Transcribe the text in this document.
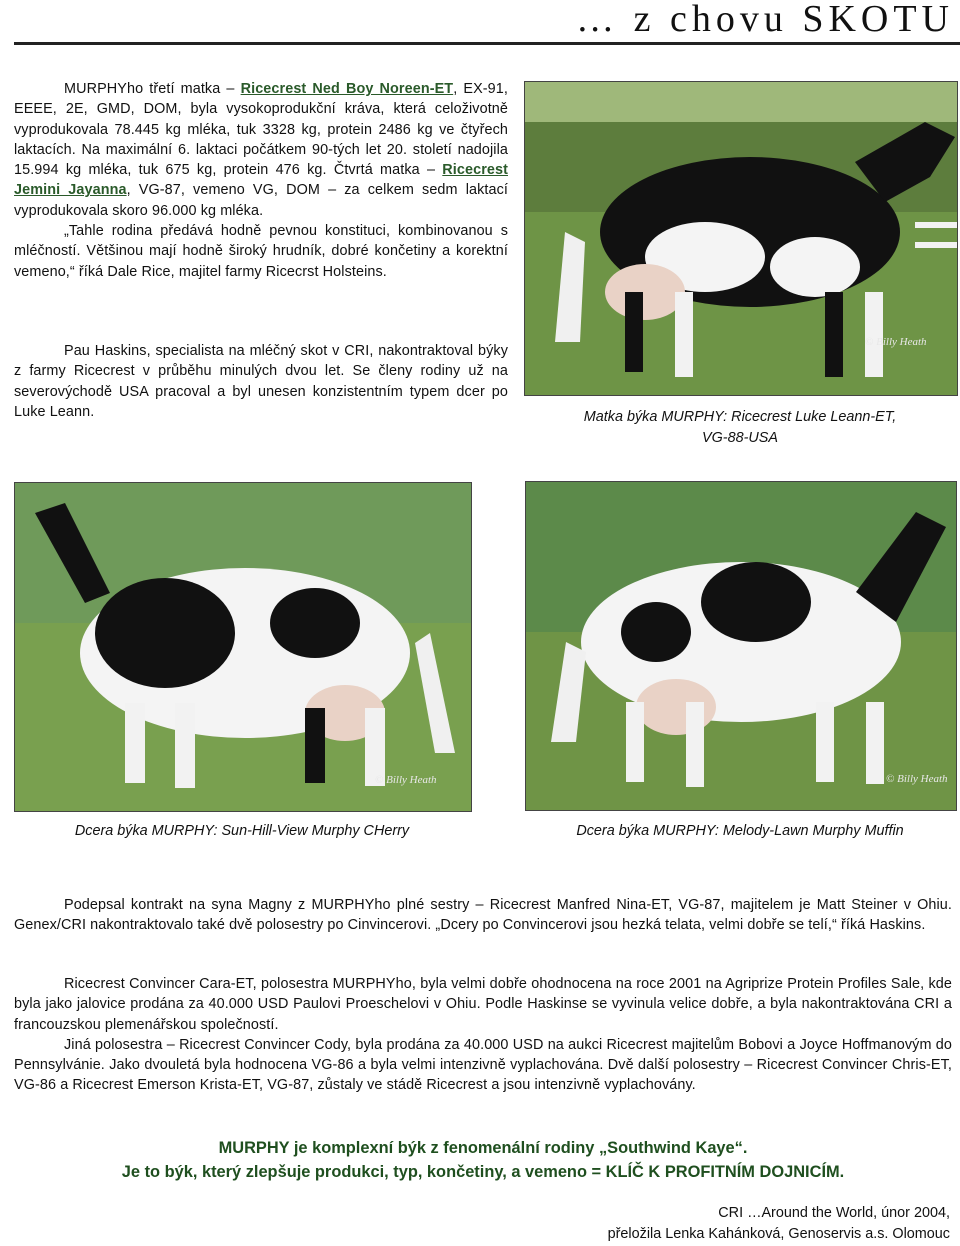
… z chovu SKOTU

MURPHYho třetí matka – Ricecrest Ned Boy Noreen-ET, EX-91, EEEE, 2E, GMD, DOM, byla vysokoprodukční kráva, která celoživotně vyprodukovala 78.445 kg mléka, tuk 3328 kg, protein 2486 kg ve čtyřech laktacích. Na maximální 6. laktaci počátkem 90-tých let 20. století nadojila 15.994 kg mléka, tuk 675 kg, protein 476 kg. Čtvrtá matka – Ricecrest Jemini Jayanna, VG-87, vemeno VG, DOM – za celkem sedm laktací vyprodukovala skoro 96.000 kg mléka.

„Tahle rodina předává hodně pevnou konstituci, kombinovanou s mléčností. Většinou mají hodně široký hrudník, dobré končetiny a korektní vemeno,“ říká Dale Rice, majitel farmy Ricecrst Holsteins.

Pau Haskins, specialista na mléčný skot v CRI, nakontraktoval býky z farmy Ricecrest v průběhu minulých dvou let. Se členy rodiny už na severovýchodě USA pracoval a byl unesen konzistentním typem dcer po Luke Leann.

© Billy Heath
Matka býka MURPHY: Ricecrest Luke Leann-ET,
VG-88-USA
© Billy Heath
Dcera býka MURPHY: Sun-Hill-View Murphy CHerry
© Billy Heath
Dcera býka MURPHY: Melody-Lawn Murphy Muffin

Podepsal kontrakt na syna Magny z MURPHYho plné sestry – Ricecrest Manfred Nina-ET, VG-87, majitelem je Matt Steiner v Ohiu. Genex/CRI nakontraktovalo také dvě polosestry po Cinvincerovi. „Dcery po Convincerovi jsou hezká telata, velmi dobře se telí,“ říká Haskins.

Ricecrest Convincer Cara-ET, polosestra MURPHYho, byla velmi dobře ohodnocena na roce 2001 na Agriprize Protein Profiles Sale, kde byla jako jalovice prodána za 40.000 USD Paulovi Proeschelovi v Ohiu. Podle Haskinse se vyvinula velice dobře, a byla nakontraktována CRI a francouzskou plemenářskou společností.

Jiná polosestra – Ricecrest Convincer Cody, byla prodána za 40.000 USD na aukci Ricecrest majitelům Bobovi a Joyce Hoffmanovým do Pennsylvánie. Jako dvouletá byla hodnocena VG-86 a byla velmi intenzivně vyplachována. Dvě další polosestry – Ricecrest Convincer Chris-ET, VG-86 a Ricecrest Emerson Krista-ET, VG-87, zůstaly ve stádě Ricecrest a jsou intenzivně vyplachovány.

MURPHY je komplexní býk z fenomenální rodiny „Southwind Kaye“.

Je to býk, který zlepšuje produkci, typ, končetiny, a vemeno = KLÍČ K PROFITNÍM DOJNICÍM.

CRI …Around the World, únor 2004,

přeložila Lenka Kahánková, Genoservis a.s. Olomouc
